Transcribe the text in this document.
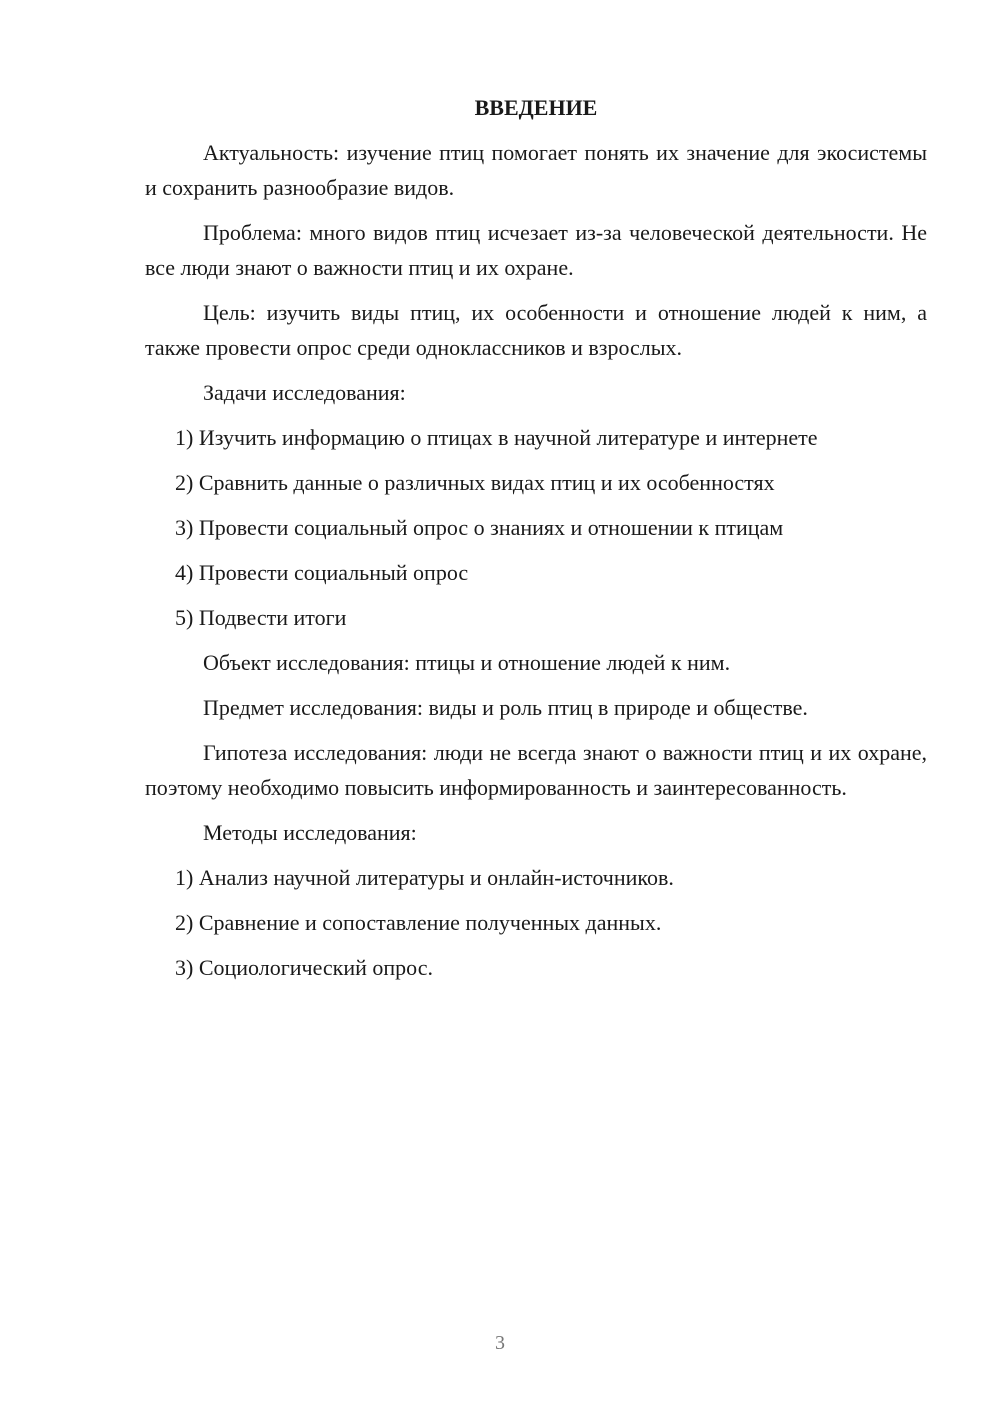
ВВЕДЕНИЕ

Актуальность: изучение птиц помогает понять их значение для экосистемы и сохранить разнообразие видов.

Проблема: много видов птиц исчезает из-за человеческой деятельности. Не все люди знают о важности птиц и их охране.

Цель: изучить виды птиц, их особенности и отношение людей к ним, а также провести опрос среди одноклассников и взрослых.

Задачи исследования:
1) Изучить информацию о птицах в научной литературе и интернете
2) Сравнить данные о различных видах птиц и их особенностях
3) Провести социальный опрос о знаниях и отношении к птицам
4) Провести социальный опрос
5) Подвести итоги
Объект исследования: птицы и отношение людей к ним.
Предмет исследования: виды и роль птиц в природе и обществе.

Гипотеза исследования: люди не всегда знают о важности птиц и их охране, поэтому необходимо повысить информированность и заинтересованность.

Методы исследования:
1) Анализ научной литературы и онлайн-источников.
2) Сравнение и сопоставление полученных данных.
3) Социологический опрос.
3
